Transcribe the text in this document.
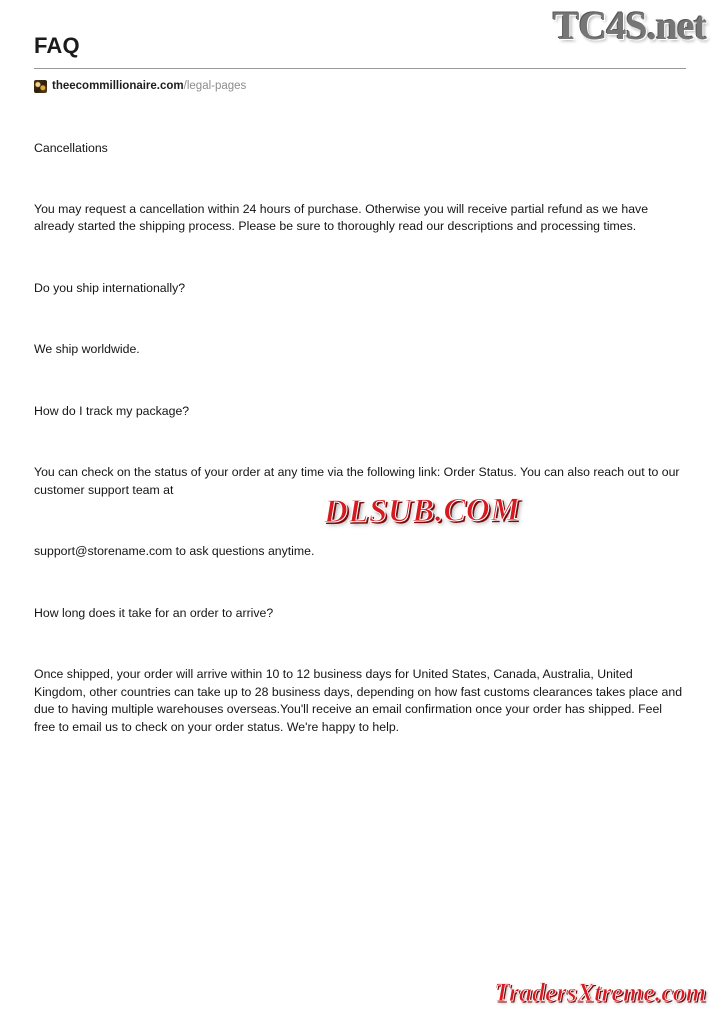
TC4S.net
FAQ
theecommillionaire.com /legal-pages

Cancellations

You may request a cancellation within 24 hours of purchase. Otherwise you will receive partial refund as we have already started the shipping process. Please be sure to thoroughly read our descriptions and processing times.

Do you ship internationally?

We ship worldwide.

How do I track my package?

You can check on the status of your order at any time via the following link: Order Status. You can also reach out to our customer support team at

support@storename.com to ask questions anytime.

How long does it take for an order to arrive?

Once shipped, your order will arrive within 10 to 12 business days for United States, Canada, Australia, United Kingdom, other countries can take up to 28 business days, depending on how fast customs clearances takes place and due to having multiple warehouses overseas.You'll receive an email confirmation once your order has shipped. Feel free to email us to check on your order status. We're happy to help.

DLSUB.COM
TradersXtreme.com
